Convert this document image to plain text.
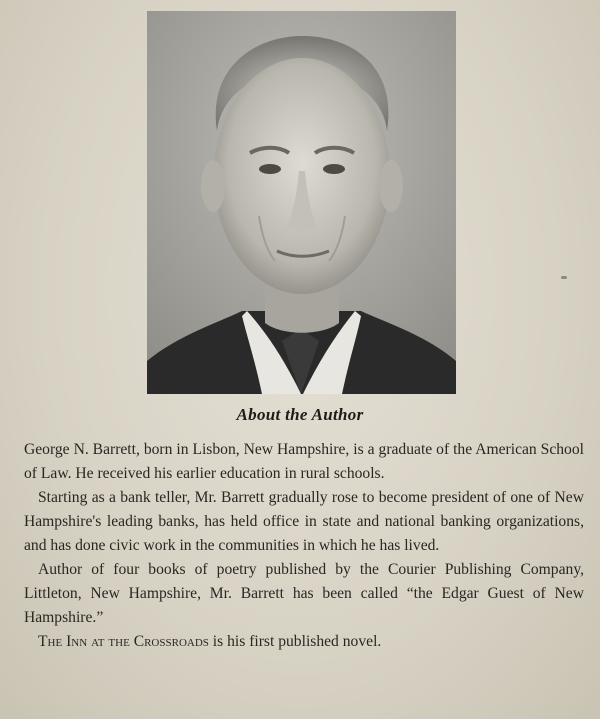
About the Author

George N. Barrett, born in Lisbon, New Hampshire, is a graduate of the American School of Law. He received his earlier education in rural schools.

Starting as a bank teller, Mr. Barrett gradually rose to become president of one of New Hampshire's leading banks, has held office in state and national banking organizations, and has done civic work in the communities in which he has lived.

Author of four books of poetry published by the Courier Publishing Company, Littleton, New Hampshire, Mr. Barrett has been called “the Edgar Guest of New Hampshire.”

The Inn at the Crossroads is his first published novel.
